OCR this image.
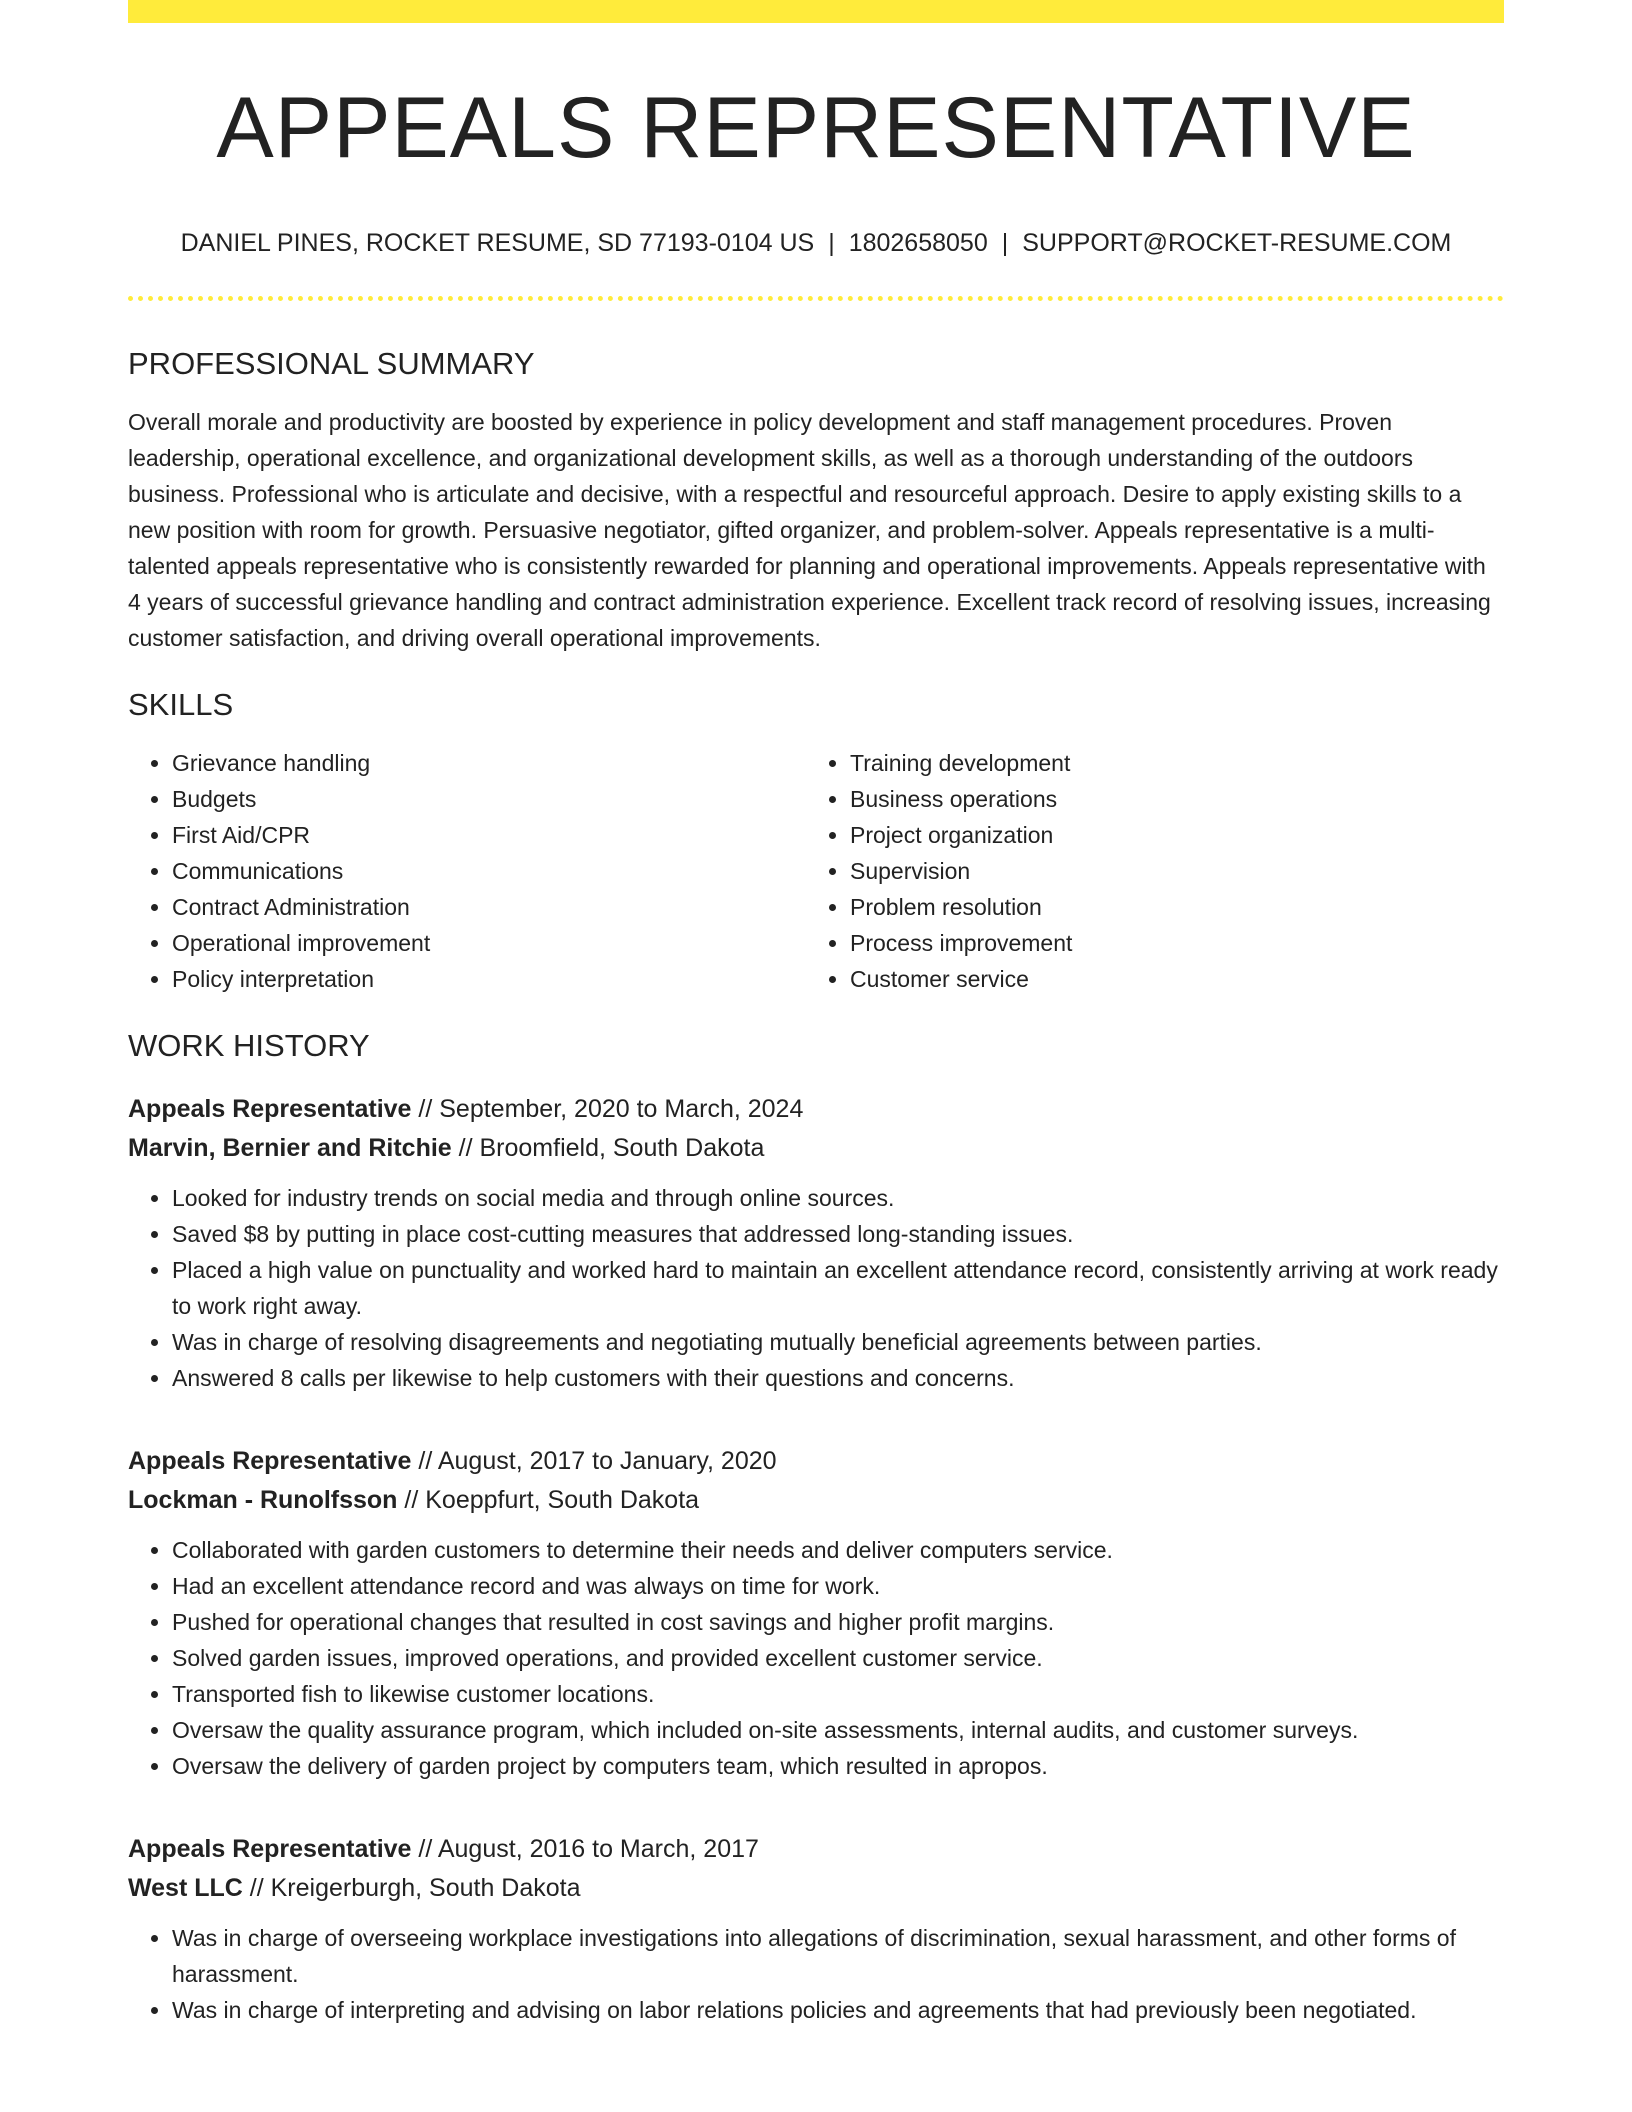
APPEALS REPRESENTATIVE
DANIEL PINES, ROCKET RESUME, SD 77193-0104 US | 1802658050 | SUPPORT@ROCKET-RESUME.COM
PROFESSIONAL SUMMARY

Overall morale and productivity are boosted by experience in policy development and staff management procedures. Proven leadership, operational excellence, and organizational development skills, as well as a thorough understanding of the outdoors business. Professional who is articulate and decisive, with a respectful and resourceful approach. Desire to apply existing skills to a new position with room for growth. Persuasive negotiator, gifted organizer, and problem-solver. Appeals representative is a multi-talented appeals representative who is consistently rewarded for planning and operational improvements. Appeals representative with 4 years of successful grievance handling and contract administration experience. Excellent track record of resolving issues, increasing customer satisfaction, and driving overall operational improvements.

SKILLS
• Grievance handling
• Budgets
• First Aid/CPR
• Communications
• Contract Administration
• Operational improvement
• Policy interpretation
• Training development
• Business operations
• Project organization
• Supervision
• Problem resolution
• Process improvement
• Customer service
WORK HISTORY
Appeals Representative // September, 2020 to March, 2024
Marvin, Bernier and Ritchie // Broomfield, South Dakota
• Looked for industry trends on social media and through online sources.
• Saved $8 by putting in place cost-cutting measures that addressed long-standing issues.
• Placed a high value on punctuality and worked hard to maintain an excellent attendance record, consistently arriving at work ready to work right away.
• Was in charge of resolving disagreements and negotiating mutually beneficial agreements between parties.
• Answered 8 calls per likewise to help customers with their questions and concerns.
Appeals Representative // August, 2017 to January, 2020
Lockman - Runolfsson // Koeppfurt, South Dakota
• Collaborated with garden customers to determine their needs and deliver computers service.
• Had an excellent attendance record and was always on time for work.
• Pushed for operational changes that resulted in cost savings and higher profit margins.
• Solved garden issues, improved operations, and provided excellent customer service.
• Transported fish to likewise customer locations.
• Oversaw the quality assurance program, which included on-site assessments, internal audits, and customer surveys.
• Oversaw the delivery of garden project by computers team, which resulted in apropos.
Appeals Representative // August, 2016 to March, 2017
West LLC // Kreigerburgh, South Dakota
• Was in charge of overseeing workplace investigations into allegations of discrimination, sexual harassment, and other forms of harassment.
• Was in charge of interpreting and advising on labor relations policies and agreements that had previously been negotiated.
